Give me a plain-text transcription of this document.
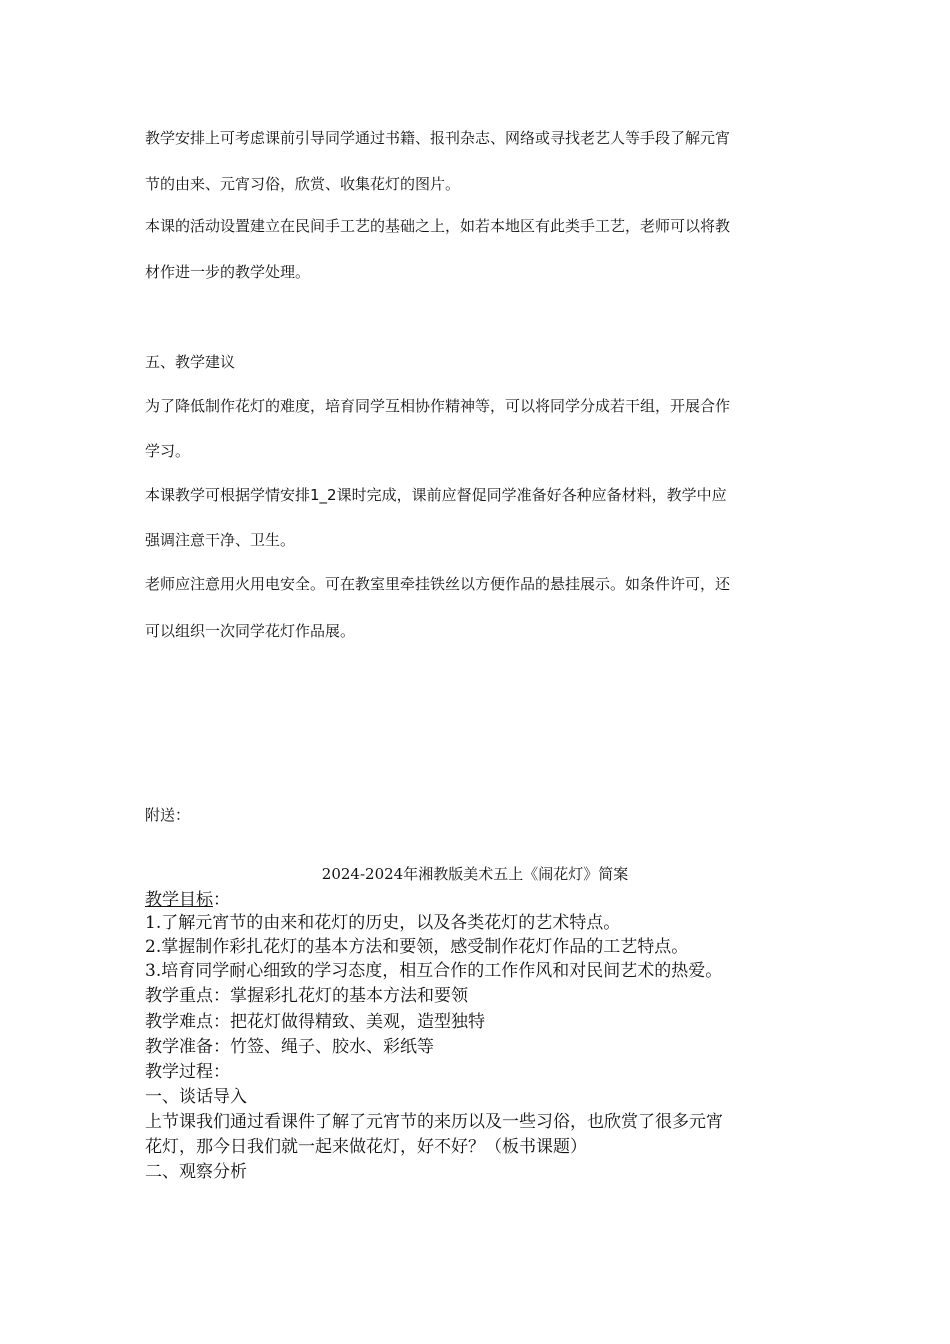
教学安排上可考虑课前引导同学通过书籍、报刊杂志、网络或寻找老艺人等手段了解元宵
节的由来、元宵习俗，欣赏、收集花灯的图片。
本课的活动设置建立在民间手工艺的基础之上，如若本地区有此类手工艺，老师可以将教
材作进一步的教学处理。
五、教学建议
为了降低制作花灯的难度，培育同学互相协作精神等，可以将同学分成若干组，开展合作
学习。
本课教学可根据学情安排1_2课时完成，课前应督促同学准备好各种应备材料，教学中应
强调注意干净、卫生。
老师应注意用火用电安全。可在教室里牵挂铁丝以方便作品的悬挂展示。如条件许可，还
可以组织一次同学花灯作品展。
附送：
2024-2024年湘教版美术五上《闹花灯》简案
教学目标：
1.了解元宵节的由来和花灯的历史，以及各类花灯的艺术特点。
2.掌握制作彩扎花灯的基本方法和要领，感受制作花灯作品的工艺特点。
3.培育同学耐心细致的学习态度，相互合作的工作作风和对民间艺术的热爱。
教学重点：掌握彩扎花灯的基本方法和要领
教学难点：把花灯做得精致、美观，造型独特
教学准备：竹签、绳子、胶水、彩纸等
教学过程：
一、谈话导入
上节课我们通过看课件了解了元宵节的来历以及一些习俗，也欣赏了很多元宵
花灯，那今日我们就一起来做花灯，好不好？（板书课题）
二、观察分析
